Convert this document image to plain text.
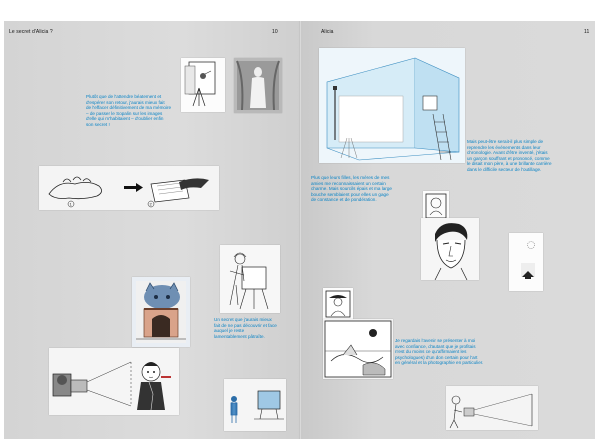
Le secret d'Alicia ?	10
Plutôt que de l'attendre béatement et
d'espérer son retour, j'aurais mieux fait
de l'effacer définitivement de ma mémoire
– de passer le Sopalin sur les images
d'elle qui m'habitaient – d'oublier enfin
son secret !
1	2
Un secret que j'aurais mieux
fait de ne pas découvrir et face
auquel je reste
lamentablement pâtraîte.
Alicia	11
Mais peut-être serait-il plus simple de
reprendre les événements dans leur
chronologie. Avant d'être inventé, j'étais
un garçon souffrant et prononcé, comme
le disait mon père, à une brillante carrière
dans le difficile secteur de l'outillage.
Plus que leurs filles, les mères de mes
amies me reconnaissaient un certain
charme. Mais sourcils épais et ma large
bouche semblaient pour elles un gage
de constance et de pondération.
Je regardais l'avenir se présenter à moi
avec confiance, d'autant que je profitais
n'est du moins ce qu'affirmaient les
psychologues) d'un don certain pour l'art
en général et la photographie en particulier.
